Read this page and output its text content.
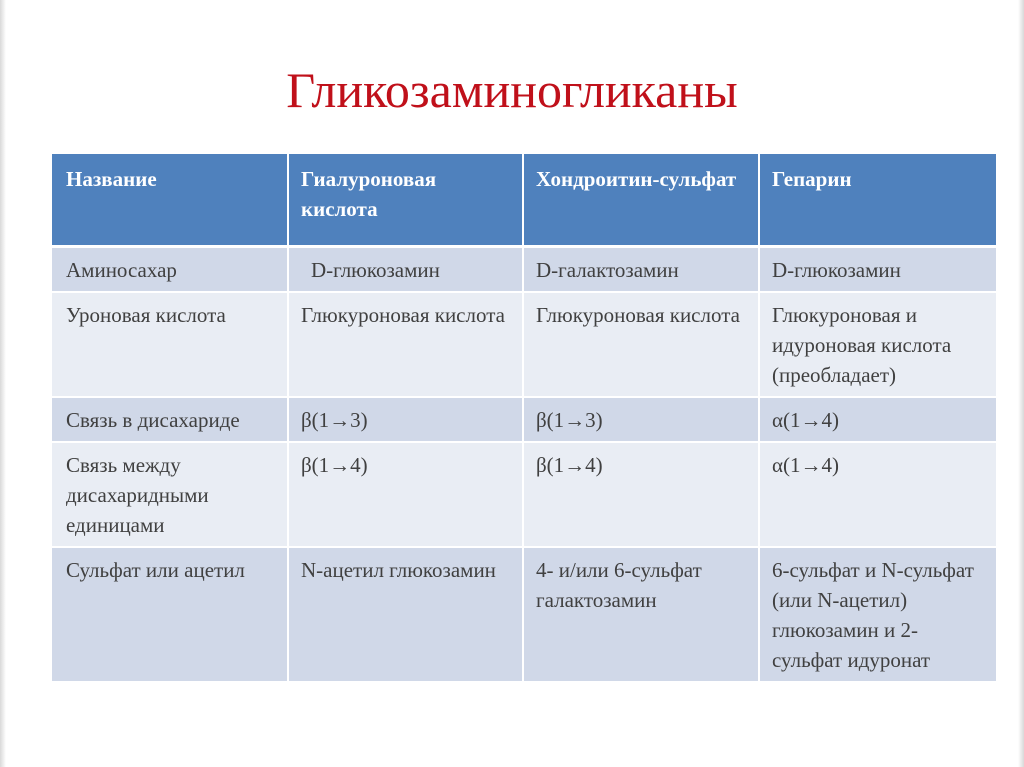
Гликозаминогликаны
Название	Гиалуроновая кислота	Хондроитин-сульфат	Гепарин
Аминосахар	D-глюкозамин	D-галактозамин	D-глюкозамин
Уроновая кислота	Глюкуроновая кислота	Глюкуроновая кислота	Глюкуроновая и идуроновая кислота (преобладает)
Связь в дисахариде	β(1→3)	β(1→3)	α(1→4)
Связь между дисахаридными единицами	β(1→4)	β(1→4)	α(1→4)
Сульфат или ацетил	N-ацетил глюкозамин	4- и/или 6-сульфат галактозамин	6-сульфат и N-сульфат (или N-ацетил) глюкозамин и 2-сульфат идуронат
